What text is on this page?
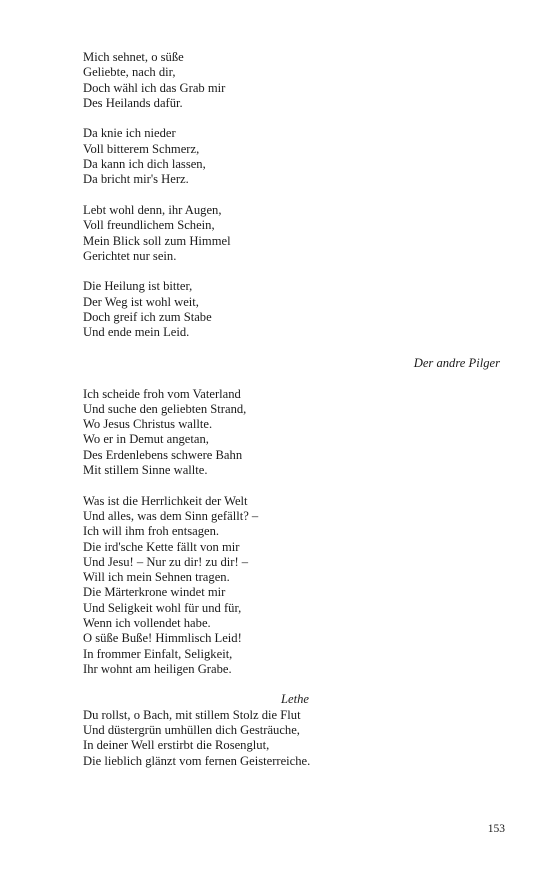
Mich sehnet, o süße
Geliebte, nach dir,
Doch wähl ich das Grab mir
Des Heilands dafür.
Da knie ich nieder
Voll bitterem Schmerz,
Da kann ich dich lassen,
Da bricht mir's Herz.
Lebt wohl denn, ihr Augen,
Voll freundlichem Schein,
Mein Blick soll zum Himmel
Gerichtet nur sein.
Die Heilung ist bitter,
Der Weg ist wohl weit,
Doch greif ich zum Stabe
Und ende mein Leid.
Der andre Pilger
Ich scheide froh vom Vaterland
Und suche den geliebten Strand,
Wo Jesus Christus wallte.
Wo er in Demut angetan,
Des Erdenlebens schwere Bahn
Mit stillem Sinne wallte.
Was ist die Herrlichkeit der Welt
Und alles, was dem Sinn gefällt? –
Ich will ihm froh entsagen.
Die ird'sche Kette fällt von mir
Und Jesu! – Nur zu dir! zu dir! –
Will ich mein Sehnen tragen.
Die Märterkrone windet mir
Und Seligkeit wohl für und für,
Wenn ich vollendet habe.
O süße Buße! Himmlisch Leid!
In frommer Einfalt, Seligkeit,
Ihr wohnt am heiligen Grabe.
Lethe
Du rollst, o Bach, mit stillem Stolz die Flut
Und düstergrün umhüllen dich Gesträuche,
In deiner Well erstirbt die Rosenglut,
Die lieblich glänzt vom fernen Geisterreiche.
153
